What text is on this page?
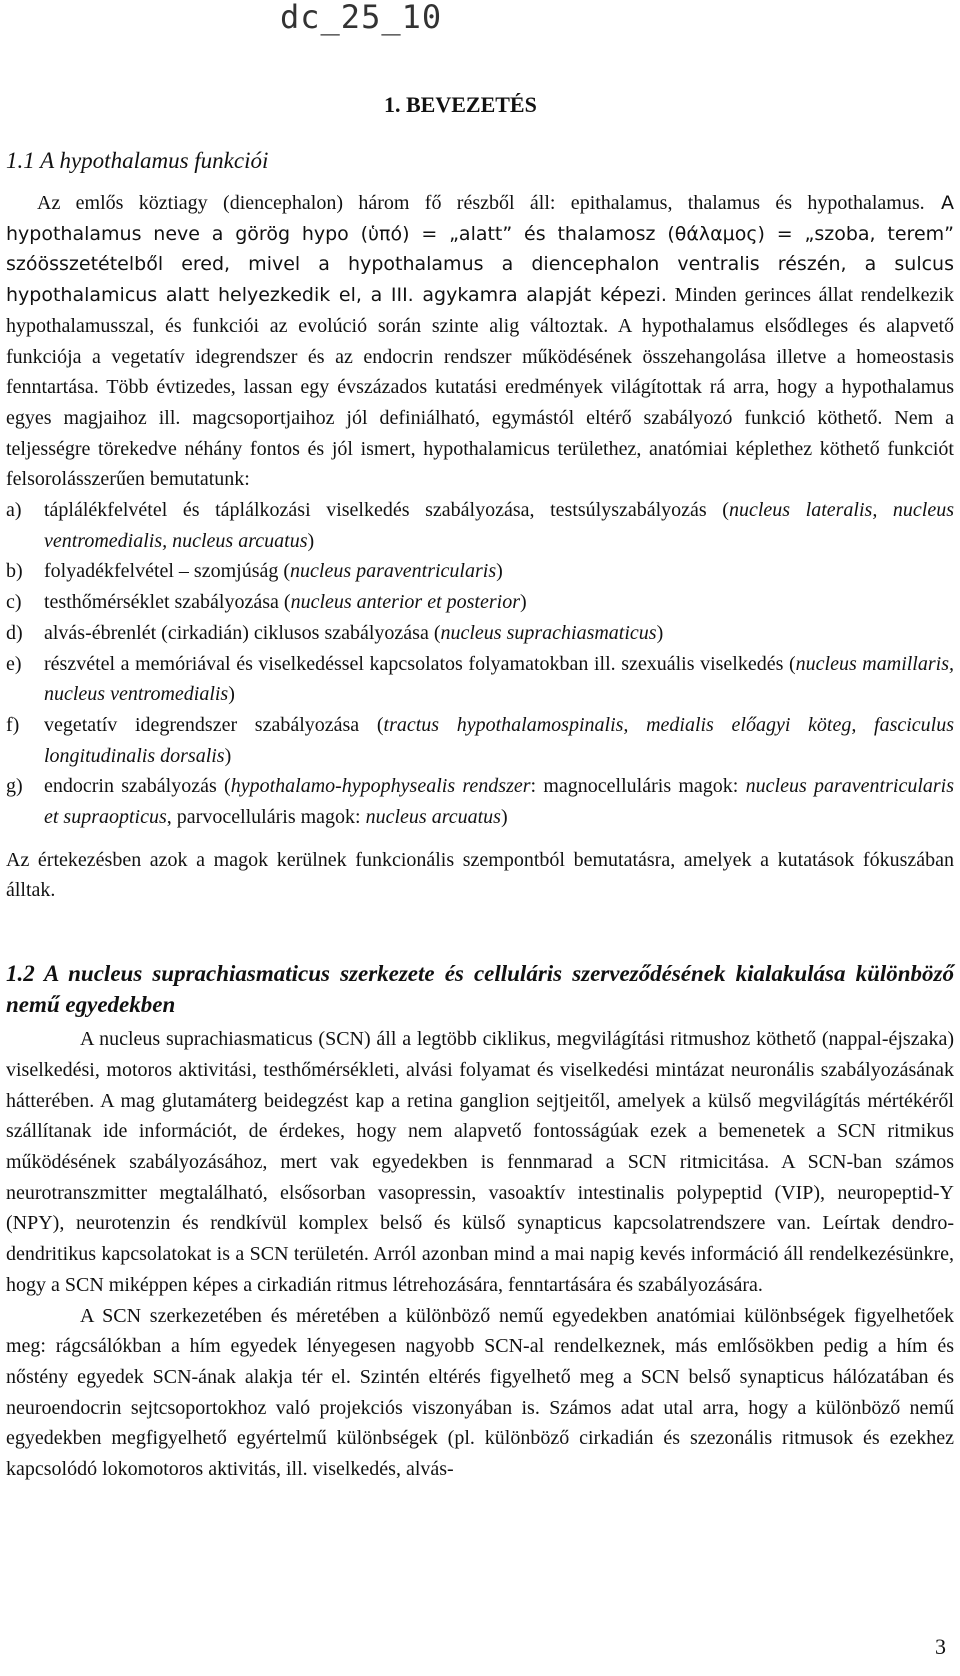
dc_25_10
1. BEVEZETÉS
1.1 A hypothalamus funkciói

Az emlős köztiagy (diencephalon) három fő részből áll: epithalamus, thalamus és hypothalamus. A hypothalamus neve a görög hypo (ὑπό) = „alatt” és thalamosz (θάλαμος) = „szoba, terem” szóösszetételből ered, mivel a hypothalamus a diencephalon ventralis részén, a sulcus hypothalamicus alatt helyezkedik el, a III. agykamra alapját képezi. Minden gerinces állat rendelkezik hypothalamusszal, és funkciói az evolúció során szinte alig változtak. A hypothalamus elsődleges és alapvető funkciója a vegetatív idegrendszer és az endocrin rendszer működésének összehangolása illetve a homeostasis fenntartása. Több évtizedes, lassan egy évszázados kutatási eredmények világítottak rá arra, hogy a hypothalamus egyes magjaihoz ill. magcsoportjaihoz jól definiálható, egymástól eltérő szabályozó funkció köthető. Nem a teljességre törekedve néhány fontos és jól ismert, hypothalamicus területhez, anatómiai képlethez köthető funkciót felsorolásszerűen bemutatunk:

a)	táplálékfelvétel és táplálkozási viselkedés szabályozása, testsúlyszabályozás (nucleus lateralis, nucleus ventromedialis, nucleus arcuatus)
b)	folyadékfelvétel – szomjúság (nucleus paraventricularis)
c)	testhőmérséklet szabályozása (nucleus anterior et posterior)
d)	alvás-ébrenlét (cirkadián) ciklusos szabályozása (nucleus suprachiasmaticus)
e)	részvétel a memóriával és viselkedéssel kapcsolatos folyamatokban ill. szexuális viselkedés (nucleus mamillaris, nucleus ventromedialis)
f)	vegetatív idegrendszer szabályozása (tractus hypothalamospinalis, medialis előagyi köteg, fasciculus longitudinalis dorsalis)
g)	endocrin szabályozás (hypothalamo-hypophysealis rendszer: magnocelluláris magok: nucleus paraventricularis et supraopticus, parvocelluláris magok: nucleus arcuatus)

Az értekezésben azok a magok kerülnek funkcionális szempontból bemutatásra, amelyek a kutatások fókuszában álltak.

1.2 A nucleus suprachiasmaticus szerkezete és celluláris szerveződésének kialakulása különböző nemű egyedekben

A nucleus suprachiasmaticus (SCN) áll a legtöbb ciklikus, megvilágítási ritmushoz köthető (nappal-éjszaka) viselkedési, motoros aktivitási, testhőmérsékleti, alvási folyamat és viselkedési mintázat neuronális szabályozásának hátterében. A mag glutamáterg beidegzést kap a retina ganglion sejtjeitől, amelyek a külső megvilágítás mértékéről szállítanak ide információt, de érdekes, hogy nem alapvető fontosságúak ezek a bemenetek a SCN ritmikus működésének szabályozásához, mert vak egyedekben is fennmarad a SCN ritmicitása. A SCN-ban számos neurotranszmitter megtalálható, elsősorban vasopressin, vasoaktív intestinalis polypeptid (VIP), neuropeptid-Y (NPY), neurotenzin és rendkívül komplex belső és külső synapticus kapcsolatrendszere van. Leírtak dendro-dendritikus kapcsolatokat is a SCN területén. Arról azonban mind a mai napig kevés információ áll rendelkezésünkre, hogy a SCN miképpen képes a cirkadián ritmus létrehozására, fenntartására és szabályozására.

A SCN szerkezetében és méretében a különböző nemű egyedekben anatómiai különbségek figyelhetőek meg: rágcsálókban a hím egyedek lényegesen nagyobb SCN-al rendelkeznek, más emlősökben pedig a hím és nőstény egyedek SCN-ának alakja tér el. Szintén eltérés figyelhető meg a SCN belső synapticus hálózatában és neuroendocrin sejtcsoportokhoz való projekciós viszonyában is. Számos adat utal arra, hogy a különböző nemű egyedekben megfigyelhető egyértelmű különbségek (pl. különböző cirkadián és szezonális ritmusok és ezekhez kapcsolódó lokomotoros aktivitás, ill. viselkedés, alvás-

3
